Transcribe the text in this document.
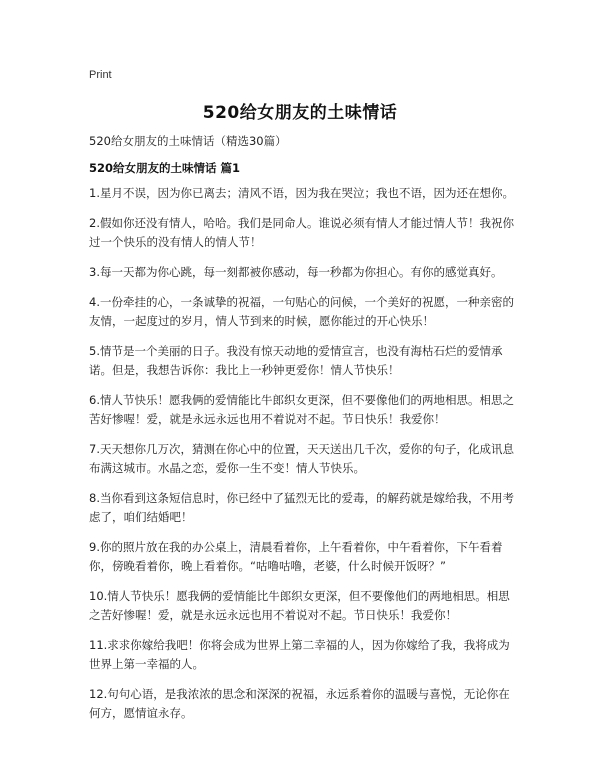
Print
520给女朋友的土味情话
520给女朋友的土味情话（精选30篇）
520给女朋友的土味情话 篇1

1.星月不误，因为你已离去；清风不语，因为我在哭泣；我也不语，因为还在想你。

2.假如你还没有情人，哈哈。我们是同命人。谁说必须有情人才能过情人节！我祝你过一个快乐的没有情人的情人节！

3.每一天都为你心跳，每一刻都被你感动，每一秒都为你担心。有你的感觉真好。

4.一份牵挂的心，一条诚挚的祝福，一句贴心的问候，一个美好的祝愿，一种亲密的友情，一起度过的岁月，情人节到来的时候，愿你能过的开心快乐！

5.情节是一个美丽的日子。我没有惊天动地的爱情宣言，也没有海枯石烂的爱情承诺。但是，我想告诉你：我比上一秒钟更爱你！情人节快乐！

6.情人节快乐！愿我俩的爱情能比牛郎织女更深，但不要像他们的两地相思。相思之苦好惨喔！爱，就是永远永远也用不着说对不起。节日快乐！我爱你！

7.天天想你几万次，猜测在你心中的位置，天天送出几千次，爱你的句子，化成讯息布满这城市。水晶之恋，爱你一生不变！情人节快乐。

8.当你看到这条短信息时，你已经中了猛烈无比的爱毒，的解药就是嫁给我，不用考虑了，咱们结婚吧！

9.你的照片放在我的办公桌上，清晨看着你，上午看着你，中午看着你，下午看着你，傍晚看着你，晚上看着你。“咕噜咕噜，老婆，什么时候开饭呀？”

10.情人节快乐！愿我俩的爱情能比牛郎织女更深，但不要像他们的两地相思。相思之苦好惨喔！爱，就是永远永远也用不着说对不起。节日快乐！我爱你！

11.求求你嫁给我吧！你将会成为世界上第二幸福的人，因为你嫁给了我，我将成为世界上第一幸福的人。

12.句句心语，是我浓浓的思念和深深的祝福，永远系着你的温暖与喜悦，无论你在何方，愿情谊永存。
